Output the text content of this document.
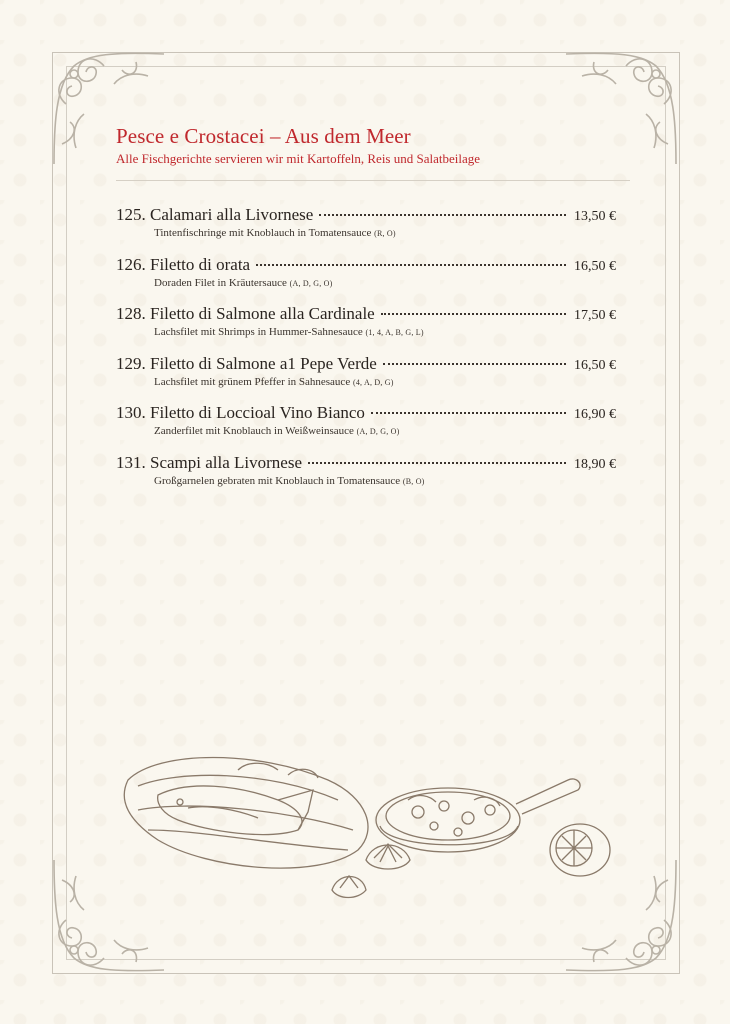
Pesce e Crostacei – Aus dem Meer
Alle Fischgerichte servieren wir mit Kartoffeln, Reis und Salatbeilage
125. Calamari alla Livornese	13,50 €
Tintenfischringe mit Knoblauch in Tomatensauce (R, O)
126. Filetto di orata	16,50 €
Doraden Filet in Kräutersauce (A, D, G, O)
128. Filetto di Salmone alla Cardinale	17,50 €
Lachsfilet mit Shrimps in Hummer-Sahnesauce (1, 4, A, B, G, L)
129. Filetto di Salmone a1 Pepe Verde	16,50 €
Lachsfilet mit grünem Pfeffer in Sahnesauce (4, A, D, G)
130. Filetto di Loccioal Vino Bianco	16,90 €
Zanderfilet mit Knoblauch in Weißweinsauce (A, D, G, O)
131. Scampi alla Livornese	18,90 €
Großgarnelen gebraten mit Knoblauch in Tomatensauce (B, O)
